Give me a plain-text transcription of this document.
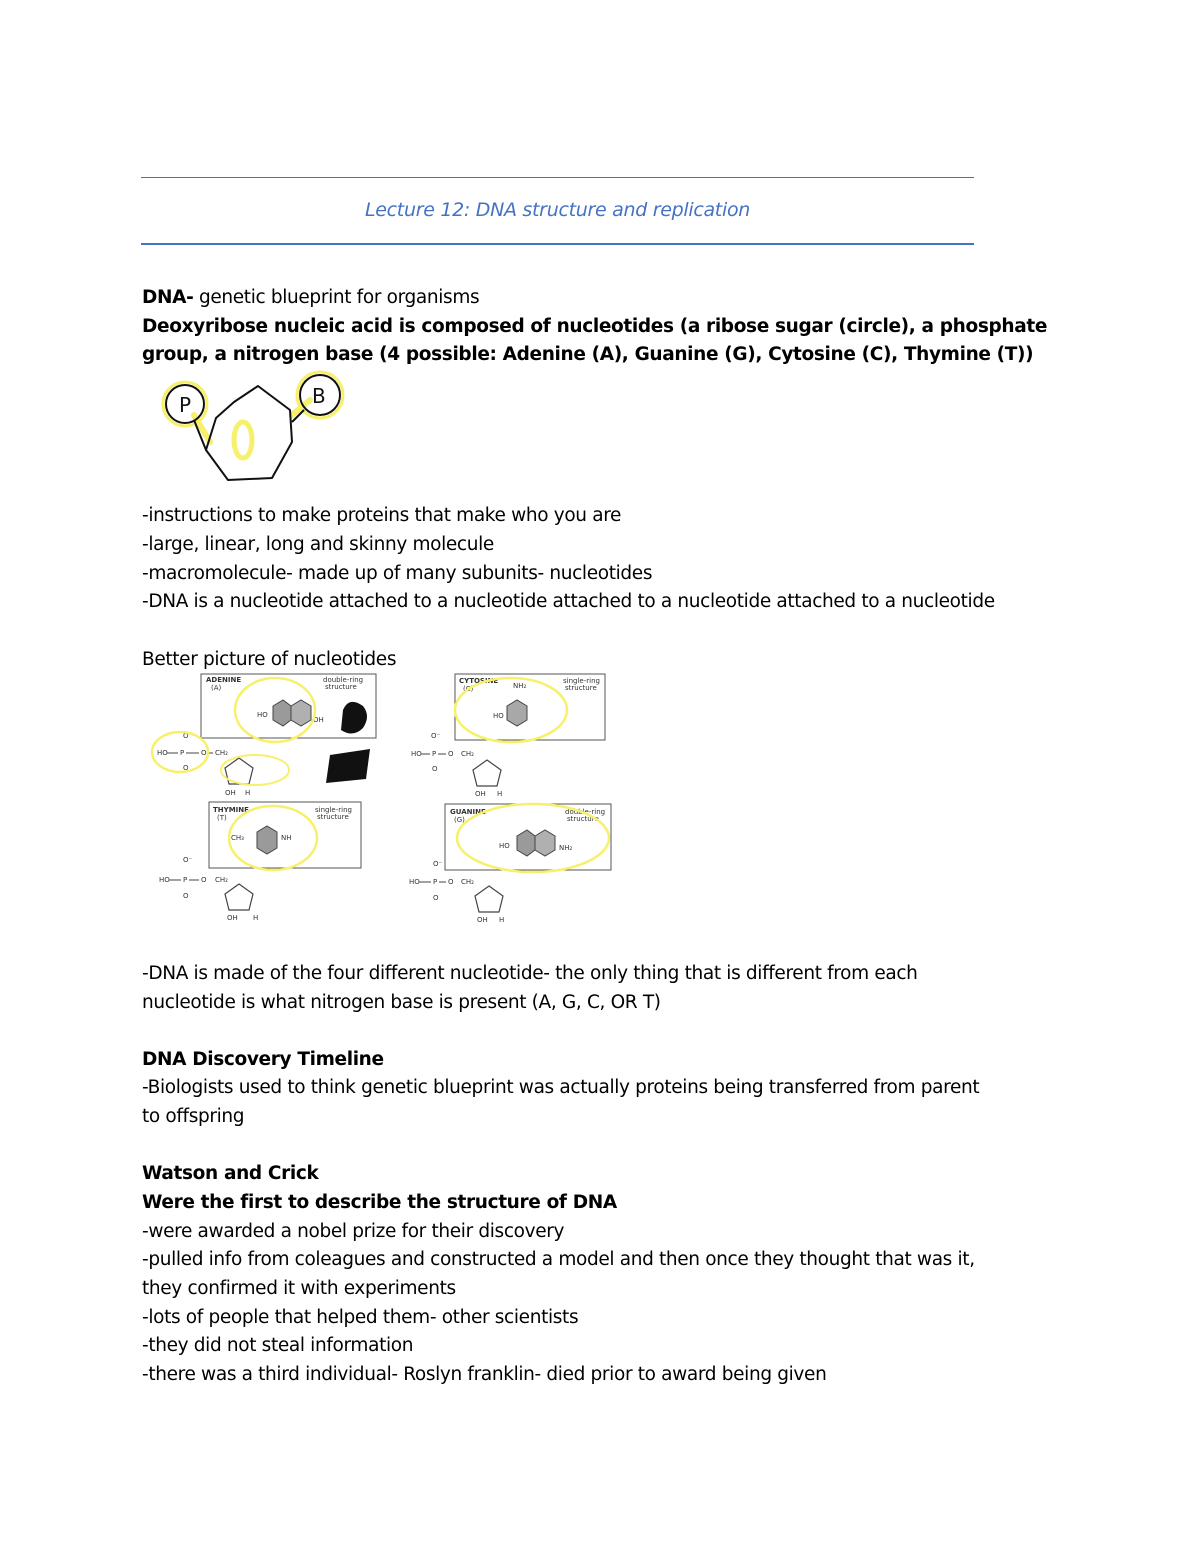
Lecture 12: DNA structure and replication
DNA- genetic blueprint for organisms
Deoxyribose nucleic acid is composed of nucleotides (a ribose sugar (circle), a phosphate
group, a nitrogen base (4 possible: Adenine (A), Guanine (G), Cytosine (C), Thymine (T))
P	B
-instructions to make proteins that make who you are
-large, linear, long and skinny molecule
-macromolecule- made up of many subunits- nucleotides
-DNA is a nucleotide attached to a nucleotide attached to a nucleotide attached to a nucleotide
Better picture of nucleotides
ADENINE
(A)
double-ring
structure
HO
OH
O⁻
HO P O
O
CH₂
OH H
CYTOSINE
(C)
single-ring
structure
NH₂
HO
O⁻
HO P O
O
CH₂
OH H
THYMINE
(T)
single-ring
structure
CH₃	NH
O⁻
HO P O
O
CH₂
OH H
GUANINE
(G)
double-ring
structure
HO	NH₂
O⁻
HO P O
O
CH₂
OH H
-DNA is made of the four different nucleotide- the only thing that is different from each
nucleotide is what nitrogen base is present (A, G, C, OR T)
DNA Discovery Timeline
-Biologists used to think genetic blueprint was actually proteins being transferred from parent
to offspring
Watson and Crick
Were the first to describe the structure of DNA
-were awarded a nobel prize for their discovery
-pulled info from coleagues and constructed a model and then once they thought that was it,
they confirmed it with experiments
-lots of people that helped them- other scientists
-they did not steal information
-there was a third individual- Roslyn franklin- died prior to award being given
